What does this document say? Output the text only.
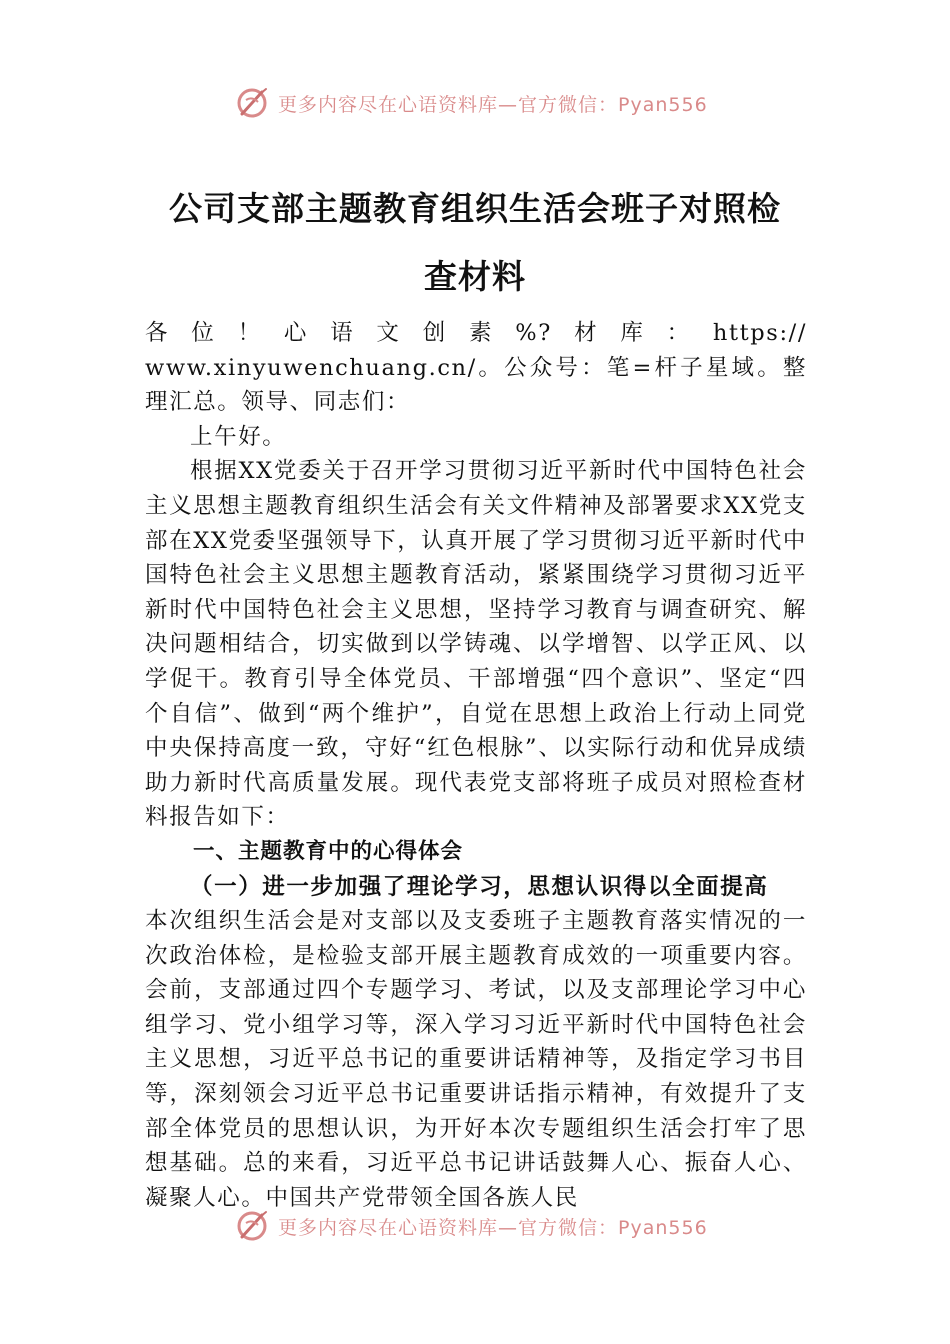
更多内容尽在心语资料库—官方微信：Pyan556
公司支部主题教育组织生活会班子对照检
查材料

各位！心语文创素%?材库：https://

www.xinyuwenchuang.cn/。公众号：笔=杆子星域。整理汇总。领导、同志们：

上午好。

根据XX党委关于召开学习贯彻习近平新时代中国特色社会主义思想主题教育组织生活会有关文件精神及部署要求XX党支部在XX党委坚强领导下，认真开展了学习贯彻习近平新时代中国特色社会主义思想主题教育活动，紧紧围绕学习贯彻习近平新时代中国特色社会主义思想，坚持学习教育与调查研究、解决问题相结合，切实做到以学铸魂、以学增智、以学正风、以学促干。教育引导全体党员、干部增强“四个意识”、坚定“四个自信”、做到“两个维护”，自觉在思想上政治上行动上同党中央保持高度一致，守好“红色根脉”、以实际行动和优异成绩助力新时代高质量发展。现代表党支部将班子成员对照检查材料报告如下：

一、主题教育中的心得体会

（一）进一步加强了理论学习，思想认识得以全面提高

本次组织生活会是对支部以及支委班子主题教育落实情况的一次政治体检，是检验支部开展主题教育成效的一项重要内容。会前，支部通过四个专题学习、考试，以及支部理论学习中心组学习、党小组学习等，深入学习习近平新时代中国特色社会主义思想，习近平总书记的重要讲话精神等，及指定学习书目等，深刻领会习近平总书记重要讲话指示精神，有效提升了支部全体党员的思想认识，为开好本次专题组织生活会打牢了思想基础。总的来看，习近平总书记讲话鼓舞人心、振奋人心、凝聚人心。中国共产党带领全国各族人民

更多内容尽在心语资料库—官方微信：Pyan556
